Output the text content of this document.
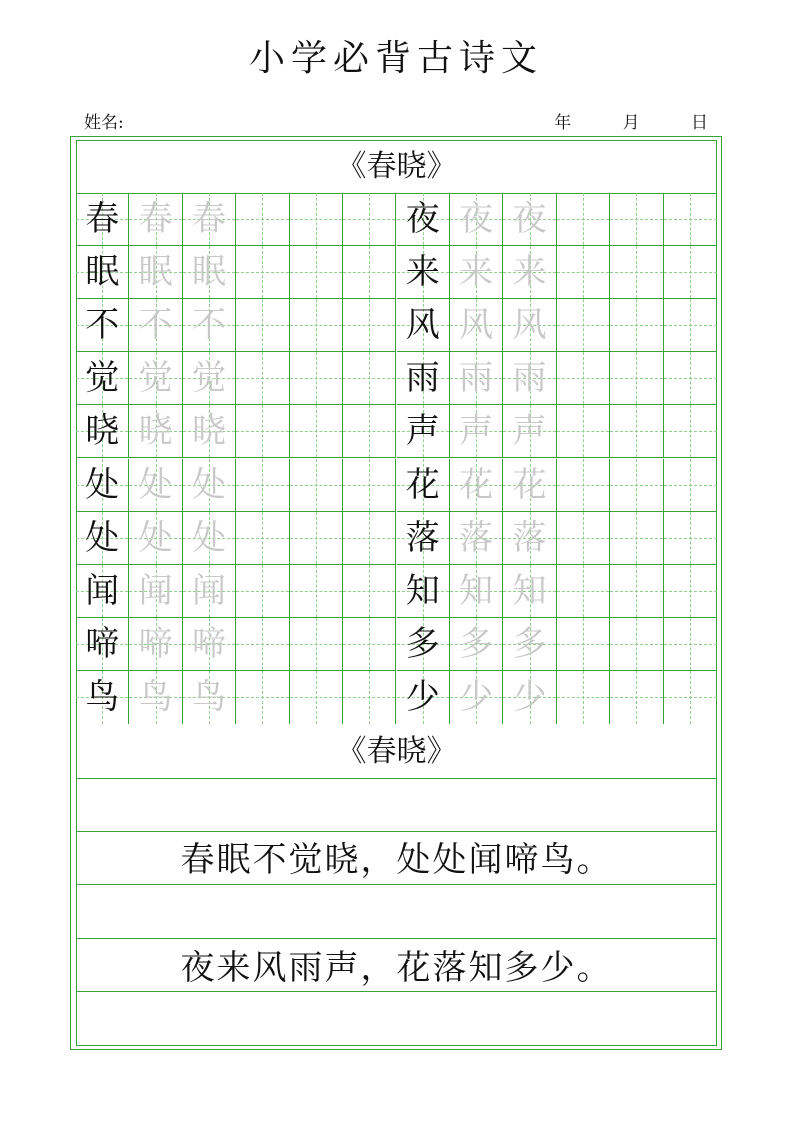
小学必背古诗文
姓名:	年	月	日
《春晓》
春 春 春	夜 夜 夜
眠 眠 眠	来 来 来
不 不 不	风 风 风
觉 觉 觉	雨 雨 雨
晓 晓 晓	声 声 声
处 处 处	花 花 花
处 处 处	落 落 落
闻 闻 闻	知 知 知
啼 啼 啼	多 多 多
鸟 鸟 鸟	少 少 少
《春晓》
春眠不觉晓，处处闻啼鸟。
夜来风雨声，花落知多少。
